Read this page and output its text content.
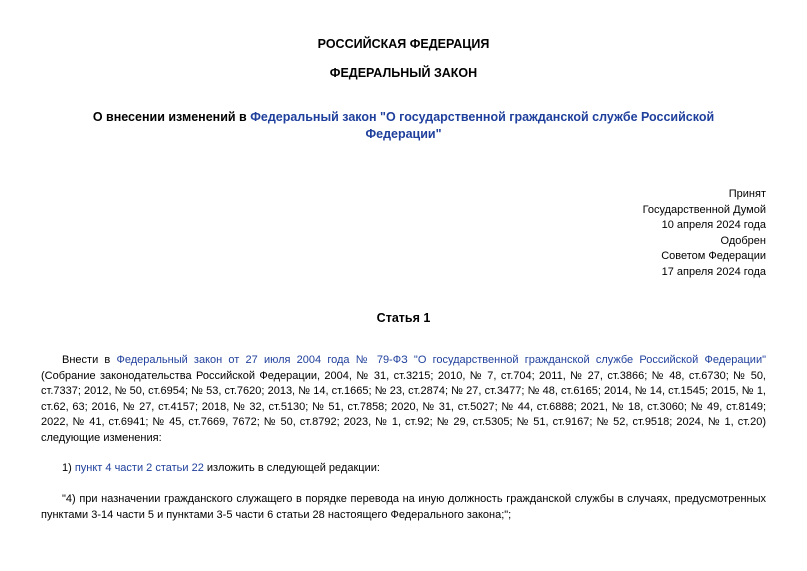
РОССИЙСКАЯ ФЕДЕРАЦИЯ
ФЕДЕРАЛЬНЫЙ ЗАКОН
О внесении изменений в Федеральный закон "О государственной гражданской службе Российской Федерации"
Принят
Государственной Думой
10 апреля 2024 года
Одобрен
Советом Федерации
17 апреля 2024 года
Статья 1
Внести в Федеральный закон от 27 июля 2004 года № 79-ФЗ "О государственной гражданской службе Российской Федерации" (Собрание законодательства Российской Федерации, 2004, № 31, ст.3215; 2010, № 7, ст.704; 2011, № 27, ст.3866; № 48, ст.6730; № 50, ст.7337; 2012, № 50, ст.6954; № 53, ст.7620; 2013, № 14, ст.1665; № 23, ст.2874; № 27, ст.3477; № 48, ст.6165; 2014, № 14, ст.1545; 2015, № 1, ст.62, 63; 2016, № 27, ст.4157; 2018, № 32, ст.5130; № 51, ст.7858; 2020, № 31, ст.5027; № 44, ст.6888; 2021, № 18, ст.3060; № 49, ст.8149; 2022, № 41, ст.6941; № 45, ст.7669, 7672; № 50, ст.8792; 2023, № 1, ст.92; № 29, ст.5305; № 51, ст.9167; № 52, ст.9518; 2024, № 1, ст.20) следующие изменения:
1) пункт 4 части 2 статьи 22 изложить в следующей редакции:
"4) при назначении гражданского служащего в порядке перевода на иную должность гражданской службы в случаях, предусмотренных пунктами 3-14 части 5 и пунктами 3-5 части 6 статьи 28 настоящего Федерального закона;";
